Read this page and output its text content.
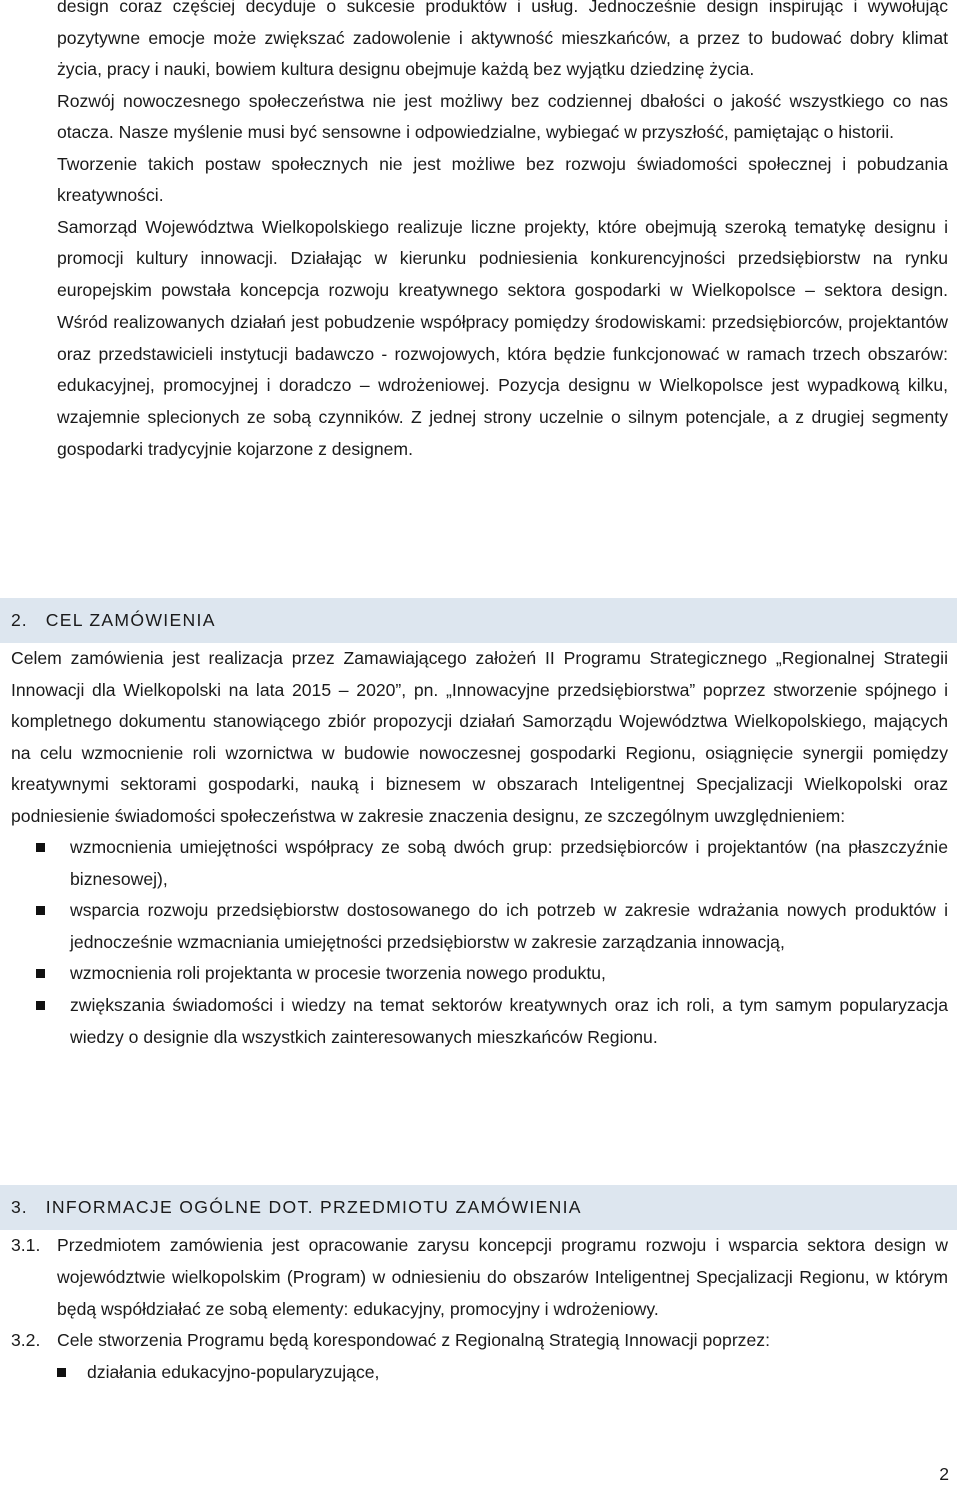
design coraz częściej decyduje o sukcesie produktów i usług. Jednocześnie design inspirując i wywołując pozytywne emocje może zwiększać zadowolenie i aktywność mieszkańców, a przez to budować dobry klimat życia, pracy i nauki, bowiem kultura designu obejmuje każdą bez wyjątku dziedzinę życia.

Rozwój nowoczesnego społeczeństwa nie jest możliwy bez codziennej dbałości o jakość wszystkiego co nas otacza. Nasze myślenie musi być sensowne i odpowiedzialne, wybiegać w przyszłość, pamiętając o historii.

Tworzenie takich postaw społecznych nie jest możliwe bez rozwoju świadomości społecznej i pobudzania kreatywności.

Samorząd Województwa Wielkopolskiego realizuje liczne projekty, które obejmują szeroką tematykę designu i promocji kultury innowacji. Działając w kierunku podniesienia konkurencyjności przedsiębiorstw na rynku europejskim powstała koncepcja rozwoju kreatywnego sektora gospodarki w Wielkopolsce – sektora design. Wśród realizowanych działań jest pobudzenie współpracy pomiędzy środowiskami: przedsiębiorców, projektantów oraz przedstawicieli instytucji badawczo - rozwojowych, która będzie funkcjonować w ramach trzech obszarów: edukacyjnej, promocyjnej i doradczo – wdrożeniowej. Pozycja designu w Wielkopolsce jest wypadkową kilku, wzajemnie splecionych ze sobą czynników. Z jednej strony uczelnie o silnym potencjale, a z drugiej segmenty gospodarki tradycyjnie kojarzone z designem.

2. CEL ZAMÓWIENIA

Celem zamówienia jest realizacja przez Zamawiającego założeń II Programu Strategicznego „Regionalnej Strategii Innowacji dla Wielkopolski na lata 2015 – 2020”, pn. „Innowacyjne przedsiębiorstwa” poprzez stworzenie spójnego i kompletnego dokumentu stanowiącego zbiór propozycji działań Samorządu Województwa Wielkopolskiego, mających na celu wzmocnienie roli wzornictwa w budowie nowoczesnej gospodarki Regionu, osiągnięcie synergii pomiędzy kreatywnymi sektorami gospodarki, nauką i biznesem w obszarach Inteligentnej Specjalizacji Wielkopolski oraz podniesienie świadomości społeczeństwa w zakresie znaczenia designu, ze szczególnym uwzględnieniem:

wzmocnienia umiejętności współpracy ze sobą dwóch grup: przedsiębiorców i projektantów (na płaszczyźnie biznesowej),
wsparcia rozwoju przedsiębiorstw dostosowanego do ich potrzeb w zakresie wdrażania nowych produktów i jednocześnie wzmacniania umiejętności przedsiębiorstw w zakresie zarządzania innowacją,
wzmocnienia roli projektanta w procesie tworzenia nowego produktu,
zwiększania świadomości i wiedzy na temat sektorów kreatywnych oraz ich roli, a tym samym popularyzacja wiedzy o designie dla wszystkich zainteresowanych mieszkańców Regionu.
3. INFORMACJE OGÓLNE DOT. PRZEDMIOTU ZAMÓWIENIA
3.1. Przedmiotem zamówienia jest opracowanie zarysu koncepcji programu rozwoju i wsparcia sektora design w województwie wielkopolskim (Program) w odniesieniu do obszarów Inteligentnej Specjalizacji Regionu, w którym będą współdziałać ze sobą elementy: edukacyjny, promocyjny i wdrożeniowy.
3.2. Cele stworzenia Programu będą korespondować z Regionalną Strategią Innowacji poprzez:
działania edukacyjno-popularyzujące,
2
